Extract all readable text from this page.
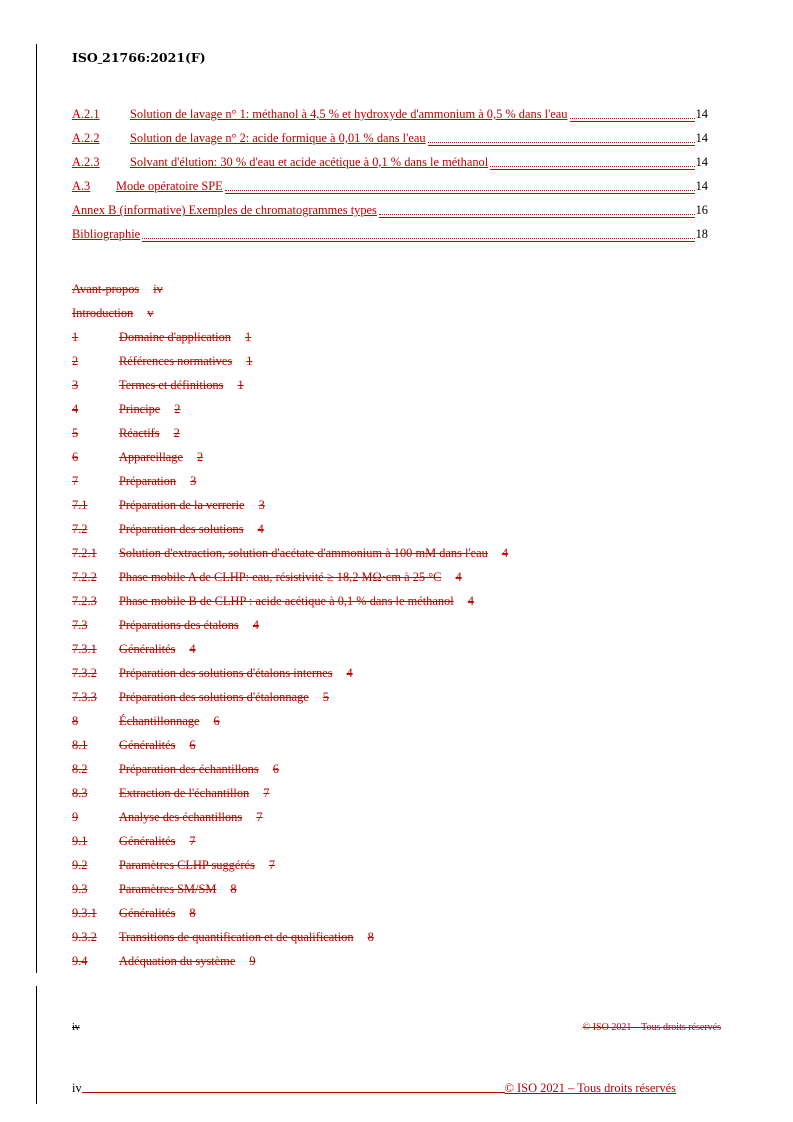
ISO 21766:2021(F)
A.2.1	Solution de lavage n° 1: méthanol à 4,5 % et hydroxyde d'ammonium à 0,5 % dans l'eau	14
A.2.2	Solution de lavage n° 2: acide formique à 0,01 % dans l'eau	14
A.2.3	Solvant d'élution: 30 % d'eau et acide acétique à 0,1 % dans le méthanol	14
A.3	Mode opératoire SPE	14
Annex B (informative) Exemples de chromatogrammes types	16
Bibliographie	18
Avant-propos iv
Introduction v
1	Domaine d'application 1
2	Références normatives 1
3	Termes et définitions 1
4	Principe 2
5	Réactifs 2
6	Appareillage 2
7	Préparation 3
7.1	Préparation de la verrerie 3
7.2	Préparation des solutions 4
7.2.1 Solution d'extraction, solution d'acétate d'ammonium à 100 mM dans l'eau 4
7.2.2 Phase mobile A de CLHP: eau, résistivité ≥ 18,2 MΩ·cm à 25 °C 4
7.2.3 Phase mobile B de CLHP : acide acétique à 0,1 % dans le méthanol 4
7.3	Préparations des étalons 4
7.3.1 Généralités 4
7.3.2 Préparation des solutions d'étalons internes 4
7.3.3 Préparation des solutions d'étalonnage 5
8	Échantillonnage 6
8.1	Généralités 6
8.2	Préparation des échantillons 6
8.3	Extraction de l'échantillon 7
9	Analyse des échantillons 7
9.1	Généralités 7
9.2	Paramètres CLHP suggérés 7
9.3	Paramètres SM/SM 8
9.3.1 Généralités 8
9.3.2 Transitions de quantification et de qualification 8
9.4	Adéquation du système 9
iv	© ISO 2021 – Tous droits réservés
iv	© ISO 2021 – Tous droits réservés
